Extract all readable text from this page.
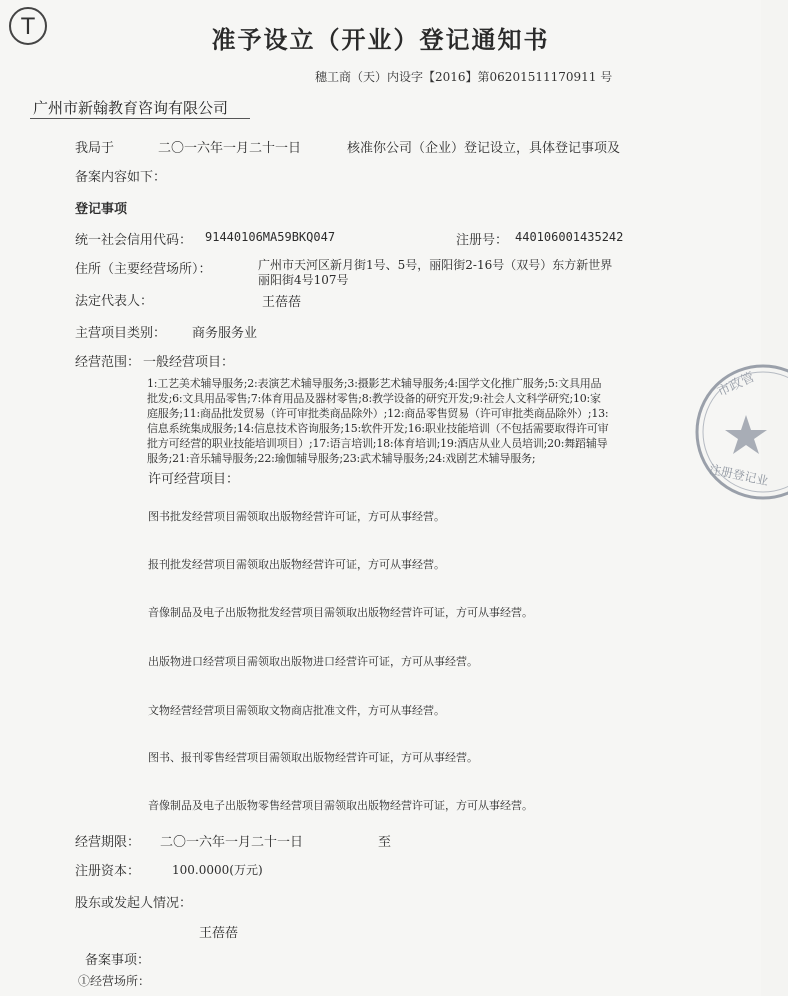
T	准予设立（开业）登记通知书
穗工商（天）内设字【2016】第06201511170911 号
广州市新翰教育咨询有限公司
我局于	二〇一六年一月二十一日	核准你公司（企业）登记设立，具体登记事项及
备案内容如下：
登记事项
统一社会信用代码： 91440106MA59BKQ047	注册号： 440106001435242
住所（主要经营场所）：	广州市天河区新月街1号、5号，丽阳街2-16号（双号）东方新世界
丽阳街4号107号
法定代表人：	王蓓蓓
主营项目类别： 商务服务业
经营范围： 一般经营项目：
1:工艺美术辅导服务;2:表演艺术辅导服务;3:摄影艺术辅导服务;4:国学文化推广服务;5:文具用品
批发;6:文具用品零售;7:体育用品及器材零售;8:教学设备的研究开发;9:社会人文科学研究;10:家
庭服务;11:商品批发贸易（许可审批类商品除外）;12:商品零售贸易（许可审批类商品除外）;13:
信息系统集成服务;14:信息技术咨询服务;15:软件开发;16:职业技能培训（不包括需要取得许可审
批方可经营的职业技能培训项目）;17:语言培训;18:体育培训;19:酒店从业人员培训;20:舞蹈辅导
服务;21:音乐辅导服务;22:瑜伽辅导服务;23:武术辅导服务;24:戏剧艺术辅导服务;
许可经营项目：
图书批发经营项目需领取出版物经营许可证，方可从事经营。
报刊批发经营项目需领取出版物经营许可证，方可从事经营。
音像制品及电子出版物批发经营项目需领取出版物经营许可证，方可从事经营。
出版物进口经营项目需领取出版物进口经营许可证，方可从事经营。
文物经营经营项目需领取文物商店批准文件，方可从事经营。
图书、报刊零售经营项目需领取出版物经营许可证，方可从事经营。
音像制品及电子出版物零售经营项目需领取出版物经营许可证，方可从事经营。
经营期限： 二〇一六年一月二十一日	至
注册资本：	100.0000(万元)
股东或发起人情况：
王蓓蓓
备案事项：
①经营场所：
市政管
注册登记业
